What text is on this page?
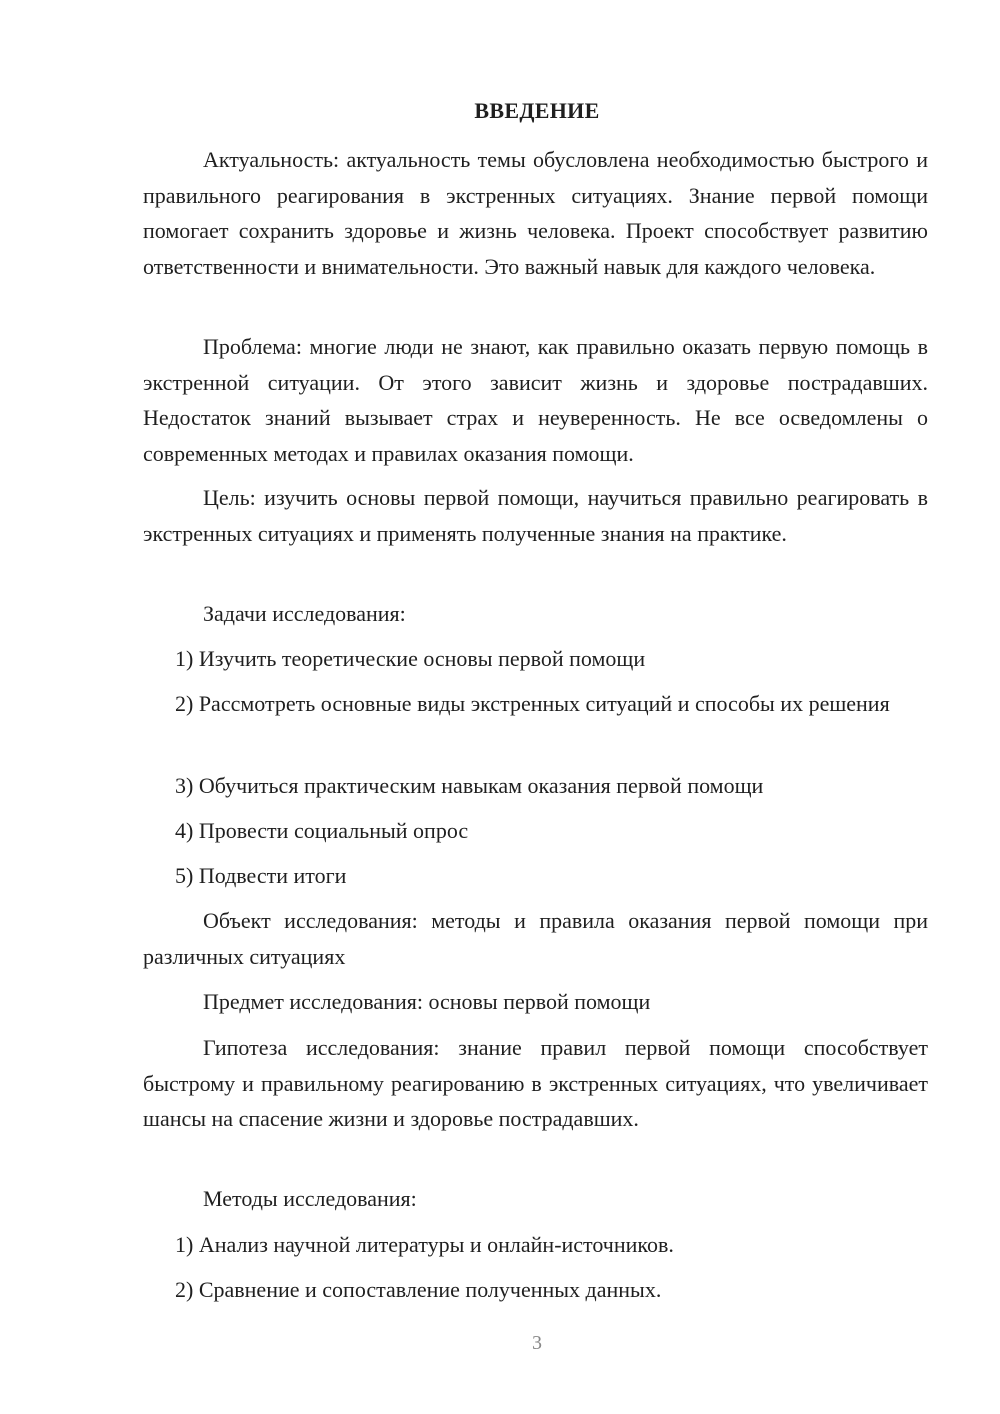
ВВЕДЕНИЕ

Актуальность: актуальность темы обусловлена необходимостью быстрого и правильного реагирования в экстренных ситуациях. Знание первой помощи помогает сохранить здоровье и жизнь человека. Проект способствует развитию ответственности и внимательности. Это важный навык для каждого человека.

Проблема: многие люди не знают, как правильно оказать первую помощь в экстренной ситуации. От этого зависит жизнь и здоровье пострадавших. Недостаток знаний вызывает страх и неуверенность. Не все осведомлены о современных методах и правилах оказания помощи.

Цель: изучить основы первой помощи, научиться правильно реагировать в экстренных ситуациях и применять полученные знания на практике.

Задачи исследования:

1) Изучить теоретические основы первой помощи

2) Рассмотреть основные виды экстренных ситуаций и способы их решения

3) Обучиться практическим навыкам оказания первой помощи

4) Провести социальный опрос

5) Подвести итоги

Объект исследования: методы и правила оказания первой помощи при различных ситуациях

Предмет исследования: основы первой помощи

Гипотеза исследования: знание правил первой помощи способствует быстрому и правильному реагированию в экстренных ситуациях, что увеличивает шансы на спасение жизни и здоровье пострадавших.

Методы исследования:

1) Анализ научной литературы и онлайн-источников.

2) Сравнение и сопоставление полученных данных.

3
